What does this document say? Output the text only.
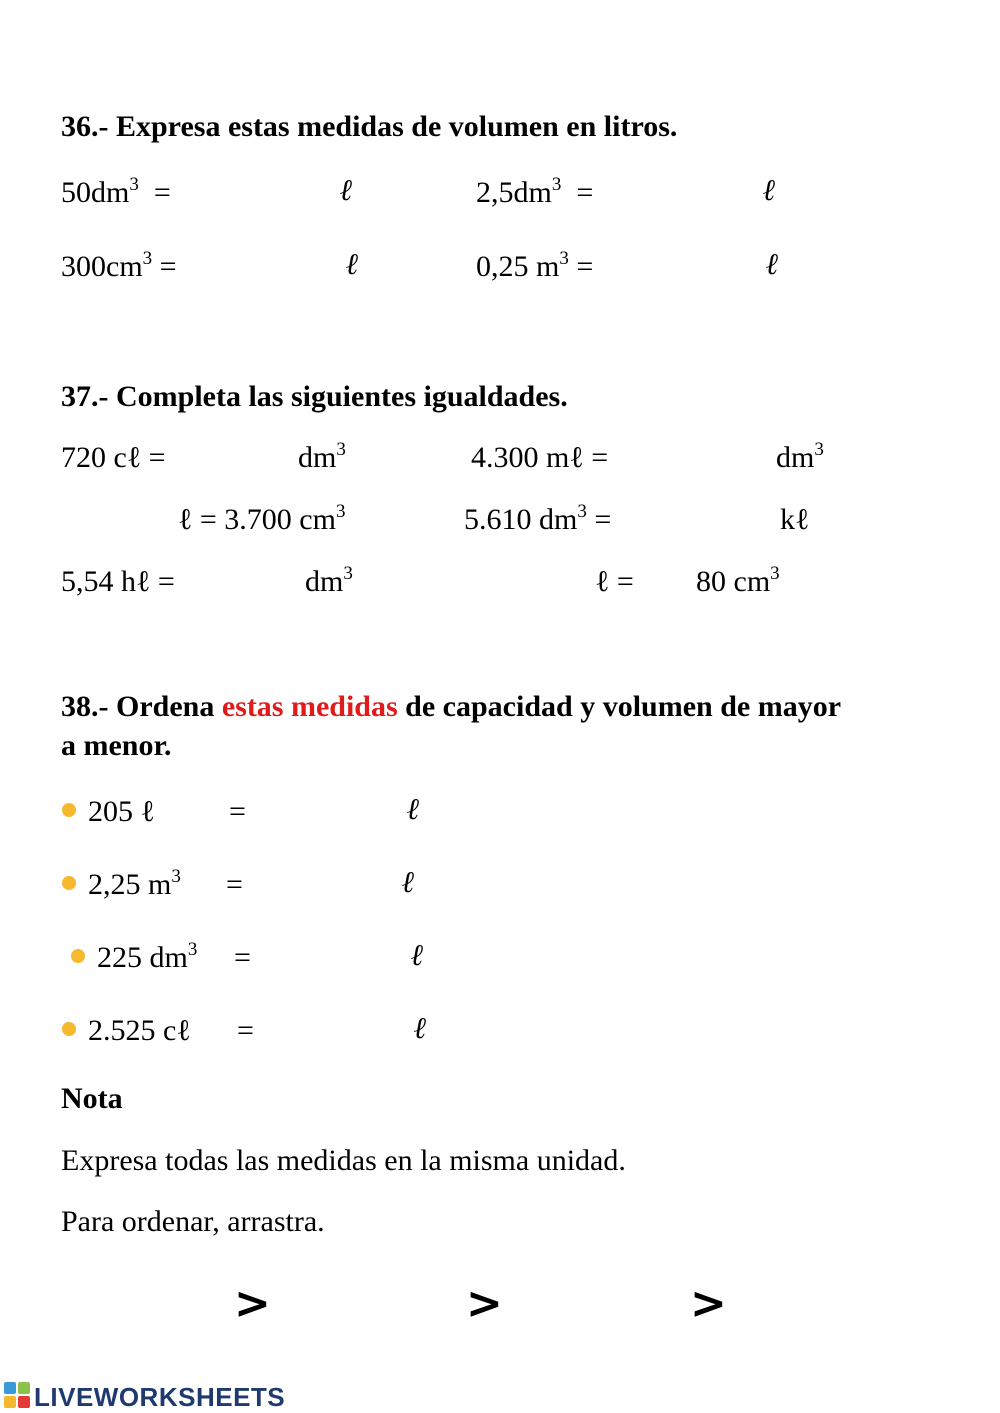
36.- Expresa estas medidas de volumen en litros.
$50dm^3$  =	ℓ	$2,5dm^3$  =	ℓ
$300cm^3$ =	ℓ	0,25 $m^3$ =	ℓ
37.- Completa las siguientes igualdades.
720 cℓ =	$dm^3$	4.300 mℓ =	$dm^3$
ℓ = 3.700 $cm^3$	5.610 $dm^3$ =	kℓ
5,54 hℓ =	$dm^3$	ℓ = 80 $cm^3$
38.- Ordena estas medidas de capacidad y volumen de mayor
a menor.
205 ℓ =	ℓ
2,25 $m^3$ =	ℓ
225 $dm^3$ =	ℓ
2.525 cℓ =	ℓ
Nota
Expresa todas las medidas en la misma unidad.
Para ordenar, arrastra.
>	>	>
LIVEWORKSHEETS
